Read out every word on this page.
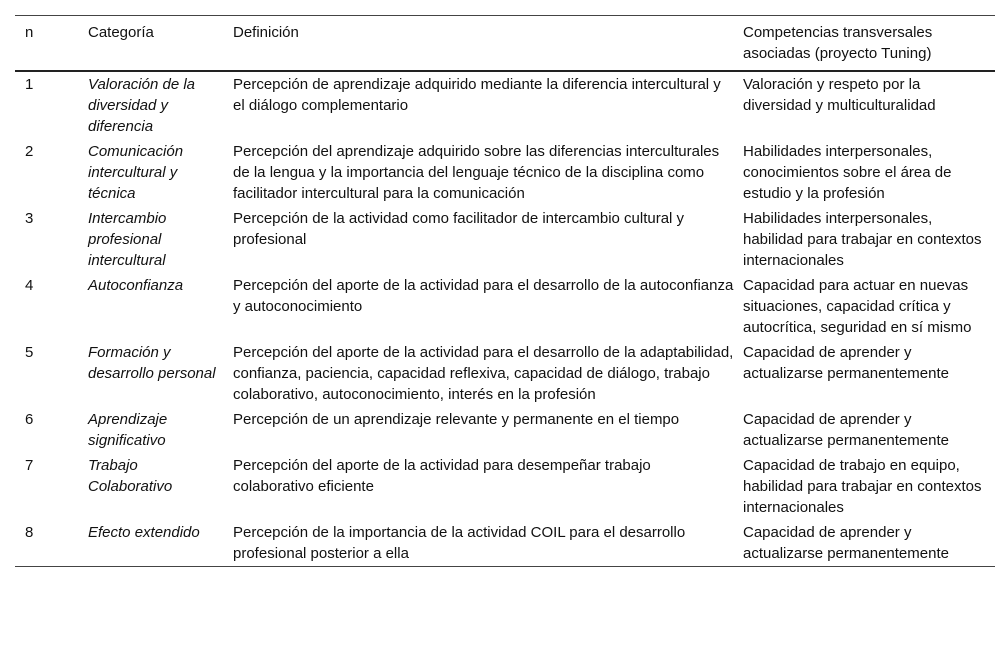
n	Categoría	Definición	Competencias transversales asociadas (proyecto Tuning)

1	Valoración de la diversidad y diferencia	Percepción de aprendizaje adquirido mediante la diferencia intercultural y el diálogo complementario	Valoración y respeto por la diversidad y multiculturalidad

2	Comunicación intercultural y técnica	Percepción del aprendizaje adquirido sobre las diferencias interculturales de la lengua y la importancia del lenguaje técnico de la disciplina como facilitador intercultural para la comunicación	Habilidades interpersonales, conocimientos sobre el área de estudio y la profesión

3	Intercambio profesional intercultural	Percepción de la actividad como facilitador de intercambio cultural y profesional	Habilidades interpersonales, habilidad para trabajar en contextos internacionales

4	Autoconfianza	Percepción del aporte de la actividad para el desarrollo de la autoconfianza y autoconocimiento	Capacidad para actuar en nuevas situaciones, capacidad crítica y autocrítica, seguridad en sí mismo

5	Formación y desarrollo personal	Percepción del aporte de la actividad para el desarrollo de la adaptabilidad, confianza, paciencia, capacidad reflexiva, capacidad de diálogo, trabajo colaborativo, autoconocimiento, interés en la profesión	Capacidad de aprender y actualizarse permanentemente

6	Aprendizaje significativo	Percepción de un aprendizaje relevante y permanente en el tiempo	Capacidad de aprender y actualizarse permanentemente

7	Trabajo Colaborativo	Percepción del aporte de la actividad para desempeñar trabajo colaborativo eficiente	Capacidad de trabajo en equipo, habilidad para trabajar en contextos internacionales

8	Efecto extendido	Percepción de la importancia de la actividad COIL para el desarrollo profesional posterior a ella	Capacidad de aprender y actualizarse permanentemente
